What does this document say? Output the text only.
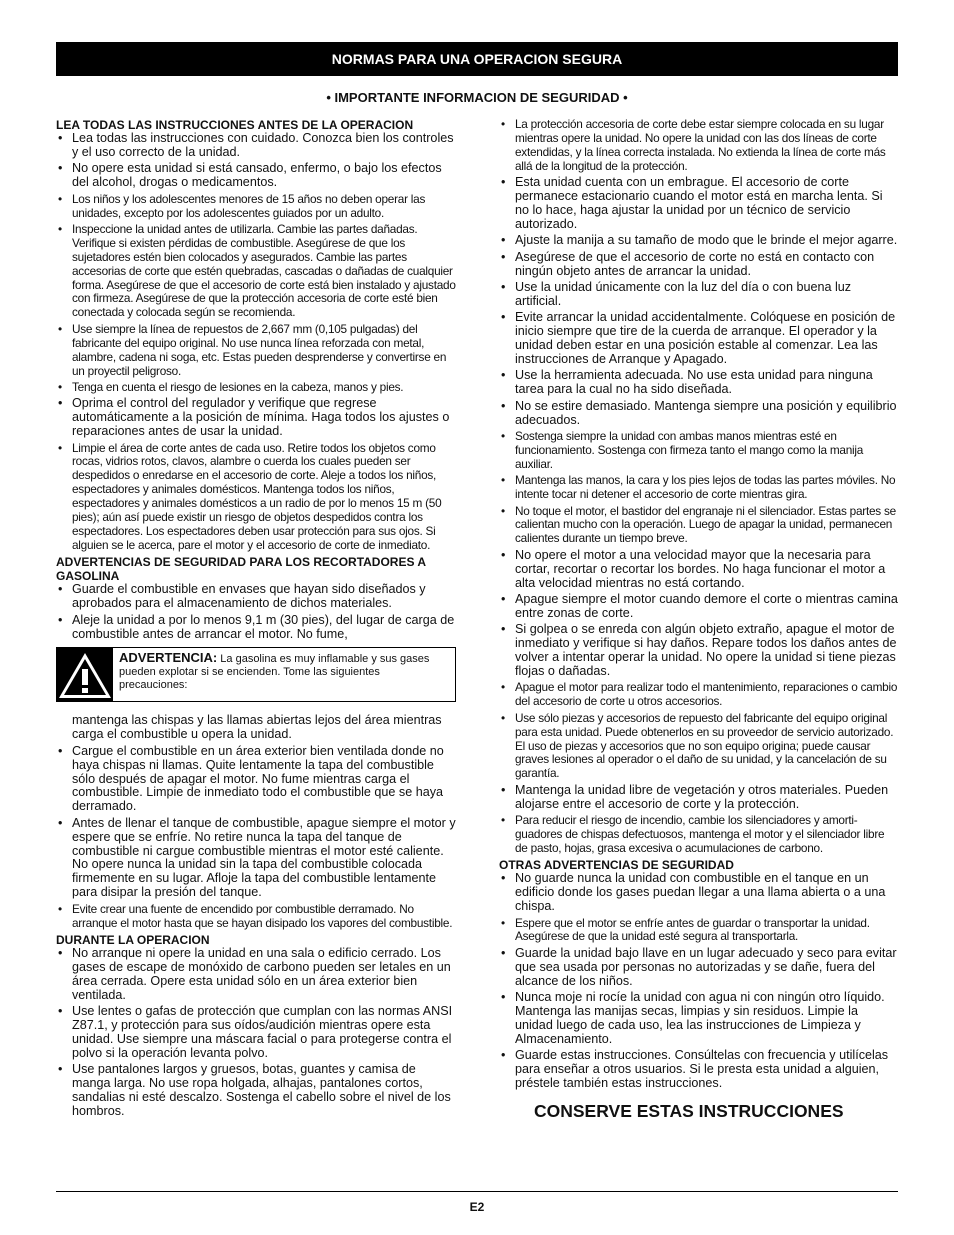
NORMAS PARA UNA OPERACION SEGURA
• IMPORTANTE INFORMACION DE SEGURIDAD •
LEA TODAS LAS INSTRUCCIONES ANTES DE LA OPERACION
• Lea todas las instrucciones con cuidado. Conozca bien los controles y el uso correcto de la unidad.
• No opere esta unidad si está cansado, enfermo, o bajo los efectos del alcohol, drogas o medicamentos.
• Los niños y los adolescentes menores de 15 años no deben operar las unidades, excepto por los adolescentes guiados por un adulto.
• Inspeccione la unidad antes de utilizarla. Cambie las partes dañadas. Verifique si existen pérdidas de combustible. Asegúrese de que los sujetadores estén bien colocados y asegurados. Cambie las partes accesorias de corte que estén quebradas, cascadas o dañadas de cualquier forma. Asegúrese de que el accesorio de corte está bien instalado y ajustado con firmeza. Asegúrese de que la protección accesoria de corte esté bien conectada y colocada según se recomienda.
• Use siempre la línea de repuestos de 2,667 mm (0,105 pulgadas) del fabricante del equipo original. No use nunca línea reforzada con metal, alambre, cadena ni soga, etc. Estas pueden desprenderse y convertirse en un proyectil peligroso.
• Tenga en cuenta el riesgo de lesiones en la cabeza, manos y pies.
• Oprima el control del regulador y verifique que regrese automáticamente a la posición de mínima. Haga todos los ajustes o reparaciones antes de usar la unidad.
• Limpie el área de corte antes de cada uso. Retire todos los objetos como rocas, vidrios rotos, clavos, alambre o cuerda los cuales pueden ser despedidos o enredarse en el accesorio de corte. Aleje a todos los niños, espectadores y animales domésticos. Mantenga todos los niños, espectadores y animales domésticos a un radio de por lo menos 15 m (50 pies); aún así puede existir un riesgo de objetos despedidos contra los espectadores. Los espectadores deben usar protección para sus ojos. Si alguien se le acerca, pare el motor y el accesorio de corte de inmediato.
ADVERTENCIAS DE SEGURIDAD PARA LOS RECORTADORES A GASOLINA
• Guarde el combustible en envases que hayan sido diseñados y aprobados para el almacenamiento de dichos materiales.
• Aleje la unidad a por lo menos 9,1 m (30 pies), del lugar de carga de combustible antes de arrancar el motor. No fume,
ADVERTENCIA: La gasolina es muy inflamable y sus gases pueden explotar si se encienden. Tome las siguientes precauciones:
mantenga las chispas y las llamas abiertas lejos del área mientras carga el combustible u opera la unidad.
• Cargue el combustible en un área exterior bien ventilada donde no haya chispas ni llamas. Quite lentamente la tapa del combustible sólo después de apagar el motor. No fume mientras carga el combustible. Limpie de inmediato todo el combustible que se haya derramado.
• Antes de llenar el tanque de combustible, apague siempre el motor y espere que se enfríe. No retire nunca la tapa del tanque de combustible ni cargue combustible mientras el motor esté caliente. No opere nunca la unidad sin la tapa del combustible colocada firmemente en su lugar. Afloje la tapa del combustible lentamente para disipar la presión del tanque.
• Evite crear una fuente de encendido por combustible derramado. No arranque el motor hasta que se hayan disipado los vapores del combustible.
DURANTE LA OPERACION
• No arranque ni opere la unidad en una sala o edificio cerrado. Los gases de escape de monóxido de carbono pueden ser letales en un área cerrada. Opere esta unidad sólo en un área exterior bien ventilada.
• Use lentes o gafas de protección que cumplan con las normas ANSI Z87.1, y protección para sus oídos/audición mientras opere esta unidad. Use siempre una máscara facial o para protegerse contra el polvo si la operación levanta polvo.
• Use pantalones largos y gruesos, botas, guantes y camisa de manga larga. No use ropa holgada, alhajas, pantalones cortos, sandalias ni esté descalzo. Sostenga el cabello sobre el nivel de los hombros.
• La protección accesoria de corte debe estar siempre colocada en su lugar mientras opere la unidad. No opere la unidad con las dos líneas de corte extendidas, y la línea correcta instalada. No extienda la línea de corte más allá de la longitud de la protección.
• Esta unidad cuenta con un embrague. El accesorio de corte permanece estacionario cuando el motor está en marcha lenta. Si no lo hace, haga ajustar la unidad por un técnico de servicio autorizado.
• Ajuste la manija a su tamaño de modo que le brinde el mejor agarre.
• Asegúrese de que el accesorio de corte no está en contacto con ningún objeto antes de arrancar la unidad.
• Use la unidad únicamente con la luz del día o con buena luz artificial.
• Evite arrancar la unidad accidentalmente. Colóquese en posición de inicio siempre que tire de la cuerda de arranque. El operador y la unidad deben estar en una posición estable al comenzar. Lea las instrucciones de Arranque y Apagado.
• Use la herramienta adecuada. No use esta unidad para ninguna tarea para la cual no ha sido diseñada.
• No se estire demasiado. Mantenga siempre una posición y equilibrio adecuados.
• Sostenga siempre la unidad con ambas manos mientras esté en funcionamiento. Sostenga con firmeza tanto el mango como la manija auxiliar.
• Mantenga las manos, la cara y los pies lejos de todas las partes móviles. No intente tocar ni detener el accesorio de corte mientras gira.
• No toque el motor, el bastidor del engranaje ni el silenciador. Estas partes se calientan mucho con la operación. Luego de apagar la unidad, permanecen calientes durante un tiempo breve.
• No opere el motor a una velocidad mayor que la necesaria para cortar, recortar o recortar los bordes. No haga funcionar el motor a alta velocidad mientras no está cortando.
• Apague siempre el motor cuando demore el corte o mientras camina entre zonas de corte.
• Si golpea o se enreda con algún objeto extraño, apague el motor de inmediato y verifique si hay daños. Repare todos los daños antes de volver a intentar operar la unidad. No opere la unidad si tiene piezas flojas o dañadas.
• Apague el motor para realizar todo el mantenimiento, reparaciones o cambio del accesorio de corte u otros accesorios.
• Use sólo piezas y accesorios de repuesto del fabricante del equipo original para esta unidad. Puede obtenerlos en su proveedor de servicio autorizado. El uso de piezas y accesorios que no son equipo origina; puede causar graves lesiones al operador o el daño de su unidad, y la cancelación de su garantía.
• Mantenga la unidad libre de vegetación y otros materiales. Pueden alojarse entre el accesorio de corte y la protección.
• Para reducir el riesgo de incendio, cambie los silenciadores y amorti-guadores de chispas defectuosos, mantenga el motor y el silenciador libre de pasto, hojas, grasa excesiva o acumulaciones de carbono.
OTRAS ADVERTENCIAS DE SEGURIDAD
• No guarde nunca la unidad con combustible en el tanque en un edificio donde los gases puedan llegar a una llama abierta o a una chispa.
• Espere que el motor se enfríe antes de guardar o transportar la unidad. Asegúrese de que la unidad esté segura al transportarla.
• Guarde la unidad bajo llave en un lugar adecuado y seco para evitar que sea usada por personas no autorizadas y se dañe, fuera del alcance de los niños.
• Nunca moje ni rocíe la unidad con agua ni con ningún otro líquido. Mantenga las manijas secas, limpias y sin residuos. Limpie la unidad luego de cada uso, lea las instrucciones de Limpieza y Almacenamiento.
• Guarde estas instrucciones. Consúltelas con frecuencia y utilícelas para enseñar a otros usuarios. Si le presta esta unidad a alguien, préstele también estas instrucciones.
CONSERVE ESTAS INSTRUCCIONES
E2
